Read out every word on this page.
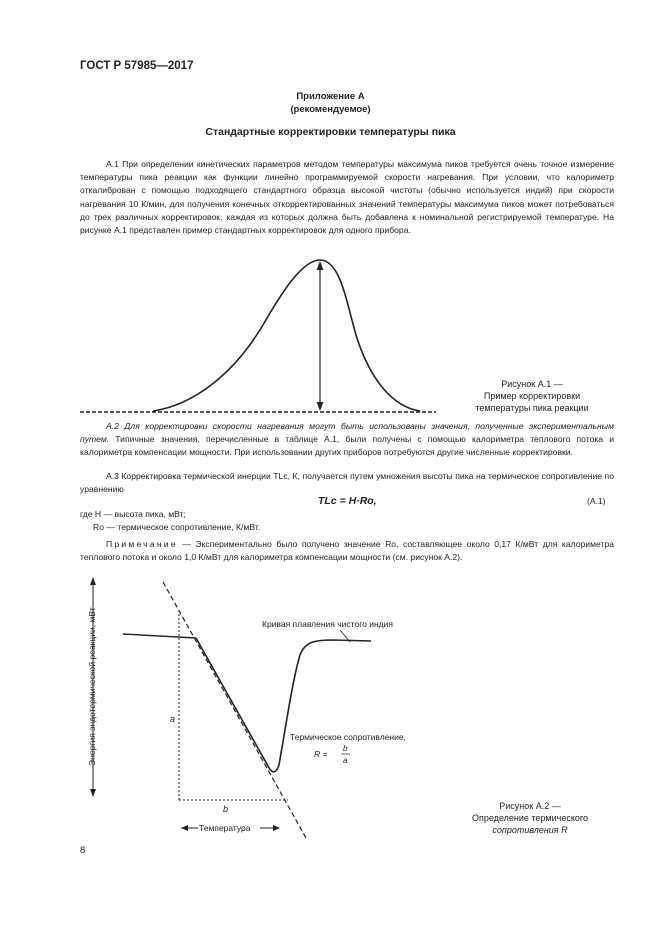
ГОСТ Р 57985—2017
Приложение А
(рекомендуемое)
Стандартные корректировки температуры пика

А.1 При определении кинетических параметров методом температуры максимума пиков требуется очень точное измерение температуры пика реакции как функции линейно программируемой скорости нагревания. При условии, что калориметр откалиброван с помощью подходящего стандартного образца высокой чистоты (обычно используется индий) при скорости нагревания 10 К/мин, для получения конечных откорректированных значений температуры максимума пиков может потребоваться до трех различных корректировок, каждая из которых должна быть добавлена к номинальной регистрируемой температуре. На рисунке А.1 представлен пример стандартных корректировок для одного прибора.

Рисунок А.1 —
Пример корректировки
температуры пика реакции

А.2 Для корректировки скорости нагревания могут быть использованы значения, полученные экспериментальным путем. Типичные значения, перечисленные в таблице А.1, были получены с помощью калориметра теплового потока и калориметра компенсации мощности. При использовании других приборов потребуются другие численные корректировки.

А.3 Корректировка термической инерции TLc, К, получается путем умножения высоты пика на термическое сопротивление по уравнению

TLc = H·Ro,	(А.1)
где H — высота пика, мВт;
Ro — термическое сопротивление, К/мВт.

Примечание — Экспериментально было получено значение Ro, составляющее около 0,17 К/мВт для калориметра теплового потока и около 1,0 К/мВт для калориметра компенсации мощности (см. рисунок А.2).

Энергия эндотермической реакции, мВт	a
b
Кривая плавления чистого индия
Термическое сопротивление,
R =
b
a
Температура
Рисунок А.2 —
Определение термического
сопротивления R
8
